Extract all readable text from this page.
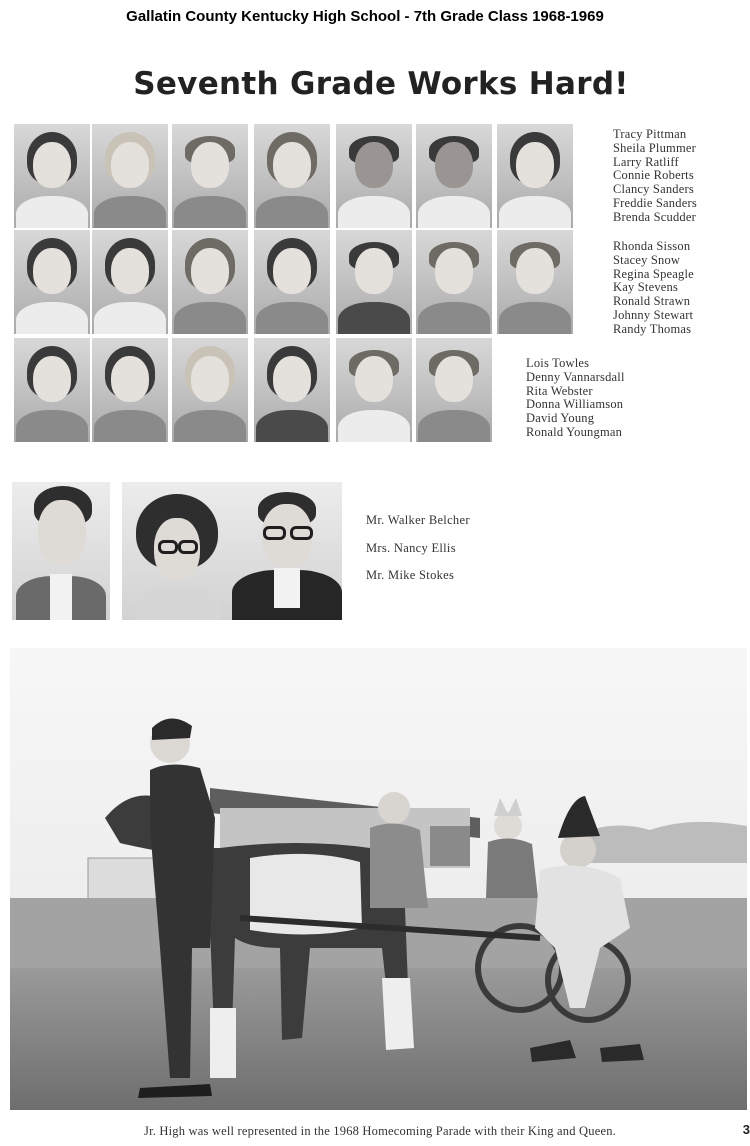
Gallatin County Kentucky High School - 7th Grade Class 1968-1969
Seventh Grade Works Hard!
Tracy Pittman
Sheila Plummer
Larry Ratliff
Connie Roberts
Clancy Sanders
Freddie Sanders
Brenda Scudder
Rhonda Sisson
Stacey Snow
Regina Speagle
Kay Stevens
Ronald Strawn
Johnny Stewart
Randy Thomas
Lois Towles
Denny Vannarsdall
Rita Webster
Donna Williamson
David Young
Ronald Youngman
Mr. Walker Belcher
Mrs. Nancy Ellis
Mr. Mike Stokes
Jr. High was well represented in the 1968 Homecoming Parade with their King and Queen.	3
